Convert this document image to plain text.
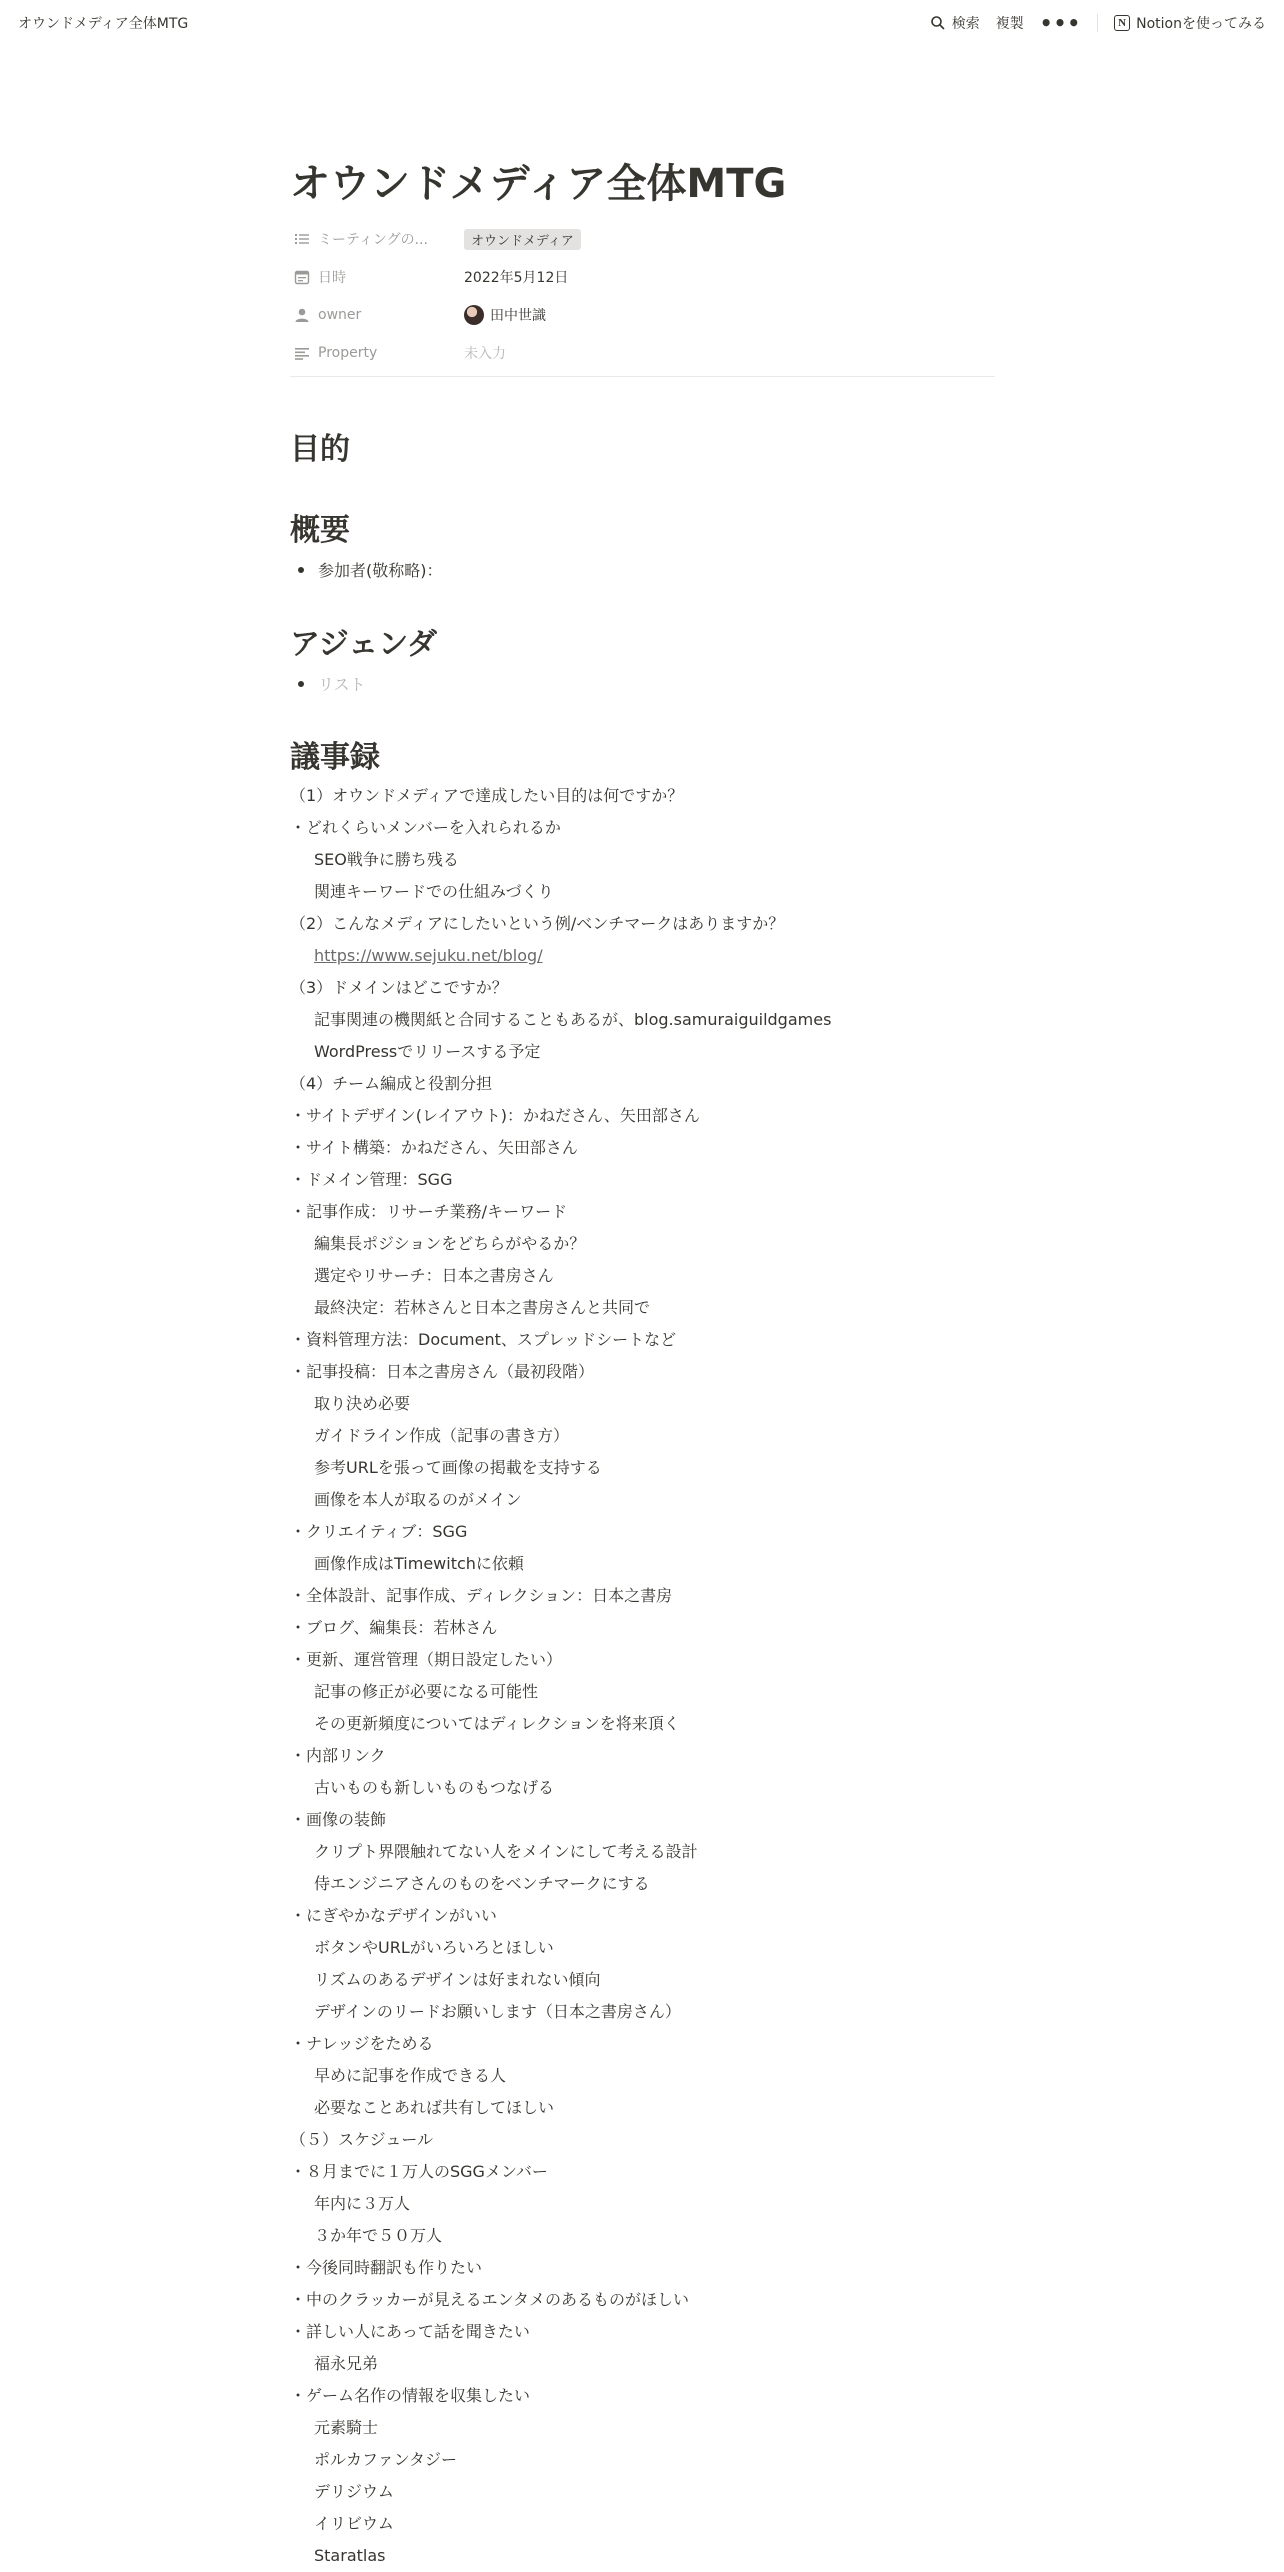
オウンドメディア全体MTG	検索 複製 •••	N Notionを使ってみる
オウンドメディア全体MTG
ミーティングの...	オウンドメディア
日時	2022年5月12日
owner	田中世識
Property	未入力
目的
概要
参加者(敬称略)：
アジェンダ
リスト
議事録
（1）オウンドメディアで達成したい目的は何ですか？
・どれくらいメンバーを入れられるか
SEO戦争に勝ち残る
関連キーワードでの仕組みづくり
（2）こんなメディアにしたいという例/ベンチマークはありますか？
https://www.sejuku.net/blog/
（3）ドメインはどこですか？
記事関連の機関紙と合同することもあるが、blog.samuraiguildgames
WordPressでリリースする予定
（4）チーム編成と役割分担
・サイトデザイン(レイアウト)：かねださん、矢田部さん
・サイト構築：かねださん、矢田部さん
・ドメイン管理：SGG
・記事作成：リサーチ業務/キーワード
編集長ポジションをどちらがやるか？
選定やリサーチ：日本之書房さん
最終決定：若林さんと日本之書房さんと共同で
・資料管理方法：Document、スプレッドシートなど
・記事投稿：日本之書房さん（最初段階）
取り決め必要
ガイドライン作成（記事の書き方）
参考URLを張って画像の掲載を支持する
画像を本人が取るのがメイン
・クリエイティブ：SGG
画像作成はTimewitchに依頼
・全体設計、記事作成、ディレクション：日本之書房
・ブログ、編集長：若林さん
・更新、運営管理（期日設定したい）
記事の修正が必要になる可能性
その更新頻度についてはディレクションを将来頂く
・内部リンク
古いものも新しいものもつなげる
・画像の装飾
クリプト界隈触れてない人をメインにして考える設計
侍エンジニアさんのものをベンチマークにする
・にぎやかなデザインがいい
ボタンやURLがいろいろとほしい
リズムのあるデザインは好まれない傾向
デザインのリードお願いします（日本之書房さん）
・ナレッジをためる
早めに記事を作成できる人
必要なことあれば共有してほしい
（５）スケジュール
・８月までに１万人のSGGメンバー
年内に３万人
３か年で５０万人
・今後同時翻訳も作りたい
・中のクラッカーが見えるエンタメのあるものがほしい
・詳しい人にあって話を聞きたい
福永兄弟
・ゲーム名作の情報を収集したい
元素騎士
ポルカファンタジー
デリジウム
イリビウム
Staratlas
